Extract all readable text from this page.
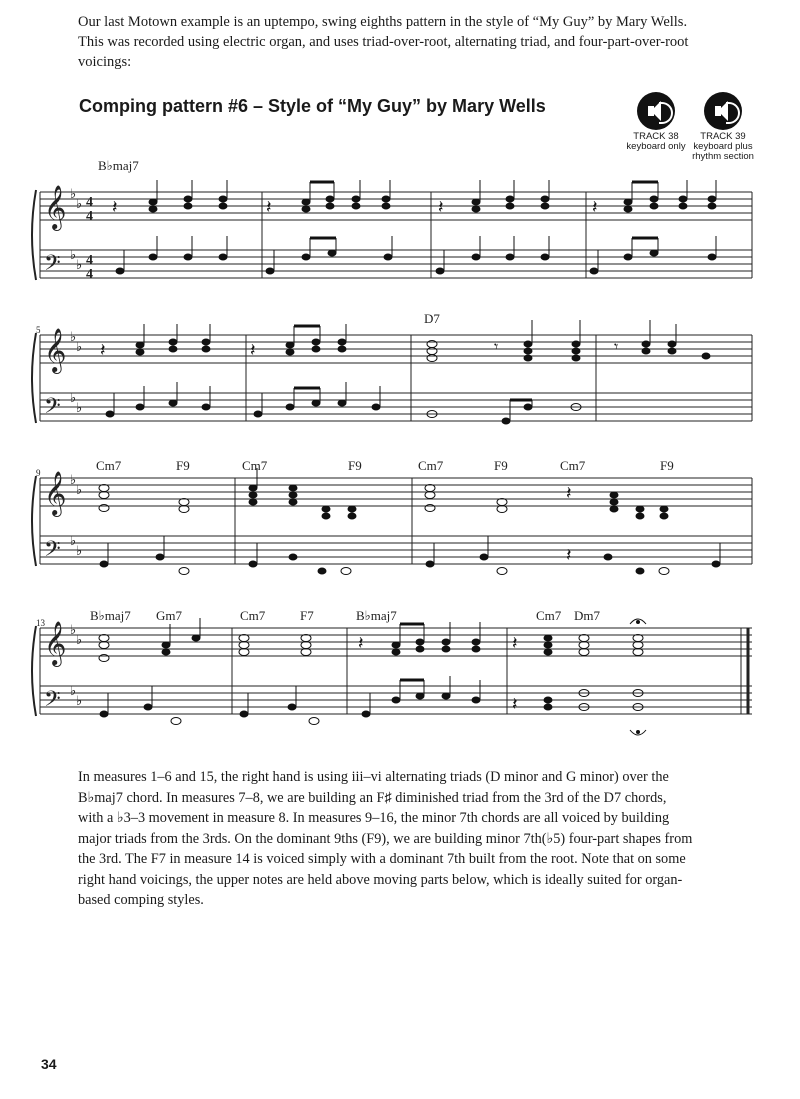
Our last Motown example is an uptempo, swing eighths pattern in the style of “My Guy” by Mary Wells.
This was recorded using electric organ, and uses triad-over-root, alternating triad, and four-part-over-root
voicings:
Comping pattern #6 – Style of “My Guy” by Mary Wells
TRACK 38
keyboard only
TRACK 39
keyboard plus
rhythm section
𝄞
𝄢
𝄞
𝄢
𝄞
𝄢
𝄞
𝄢
♭
♭
♭
♭
♭
♭
♭
♭
♭
♭
♭
♭
♭
♭
♭
♭
4
4
4
4
𝄽	𝄽	𝄽	𝄽
𝄽	𝄽	𝄾	𝄾
𝄽
𝄽
𝄽	𝄽
𝄽
B♭maj7
5
D7
9	Cm7	F9	Cm7	F9	Cm7	F9	Cm7	F9
13	B♭maj7 Gm7	Cm7	F7	B♭maj7	Cm7 Dm7
In measures 1–6 and 15, the right hand is using iii–vi alternating triads (D minor and G minor) over the
B♭maj7 chord. In measures 7–8, we are building an F♯ diminished triad from the 3rd of the D7 chords,
with a ♭3–3 movement in measure 8. In measures 9–16, the minor 7th chords are all voiced by building
major triads from the 3rds. On the dominant 9ths (F9), we are building minor 7th(♭5) four-part shapes from
the 3rd. The F7 in measure 14 is voiced simply with a dominant 7th built from the root. Note that on some
right hand voicings, the upper notes are held above moving parts below, which is ideally suited for organ-
based comping styles.
34
